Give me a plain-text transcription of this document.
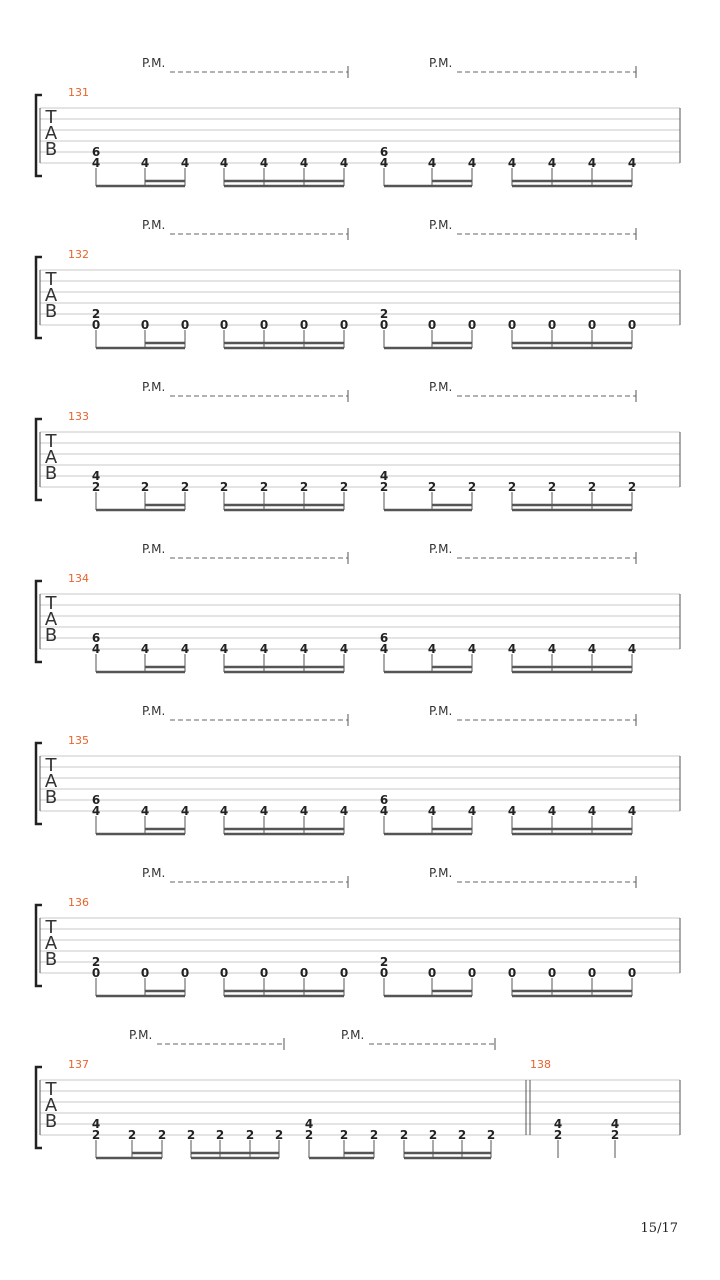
T
A
B
131
P.M.	P.M.
6
4	4	4	4	4	4	4
6
4	4	4	4	4	4	4
T
A
B
132
P.M.	P.M.
2
0	0	0	0	0	0	0
2
0	0	0	0	0	0	0
T
A
B
133
P.M.	P.M.
4
2	2	2	2	2	2	2
4
2	2	2	2	2	2	2
T
A
B
134
P.M.	P.M.
6
4	4	4	4	4	4	4
6
4	4	4	4	4	4	4
T
A
B
135
P.M.	P.M.
6
4	4	4	4	4	4	4
6
4	4	4	4	4	4	4
T
A
B
136
P.M.	P.M.
2
0	0	0	0	0	0	0
2
0	0	0	0	0	0	0
T
A
B
137
P.M.	P.M.
4
2 2 2 2 2 2 2
4
2 2 2 2 2 2 2
138
4
2
4
2
15/17
